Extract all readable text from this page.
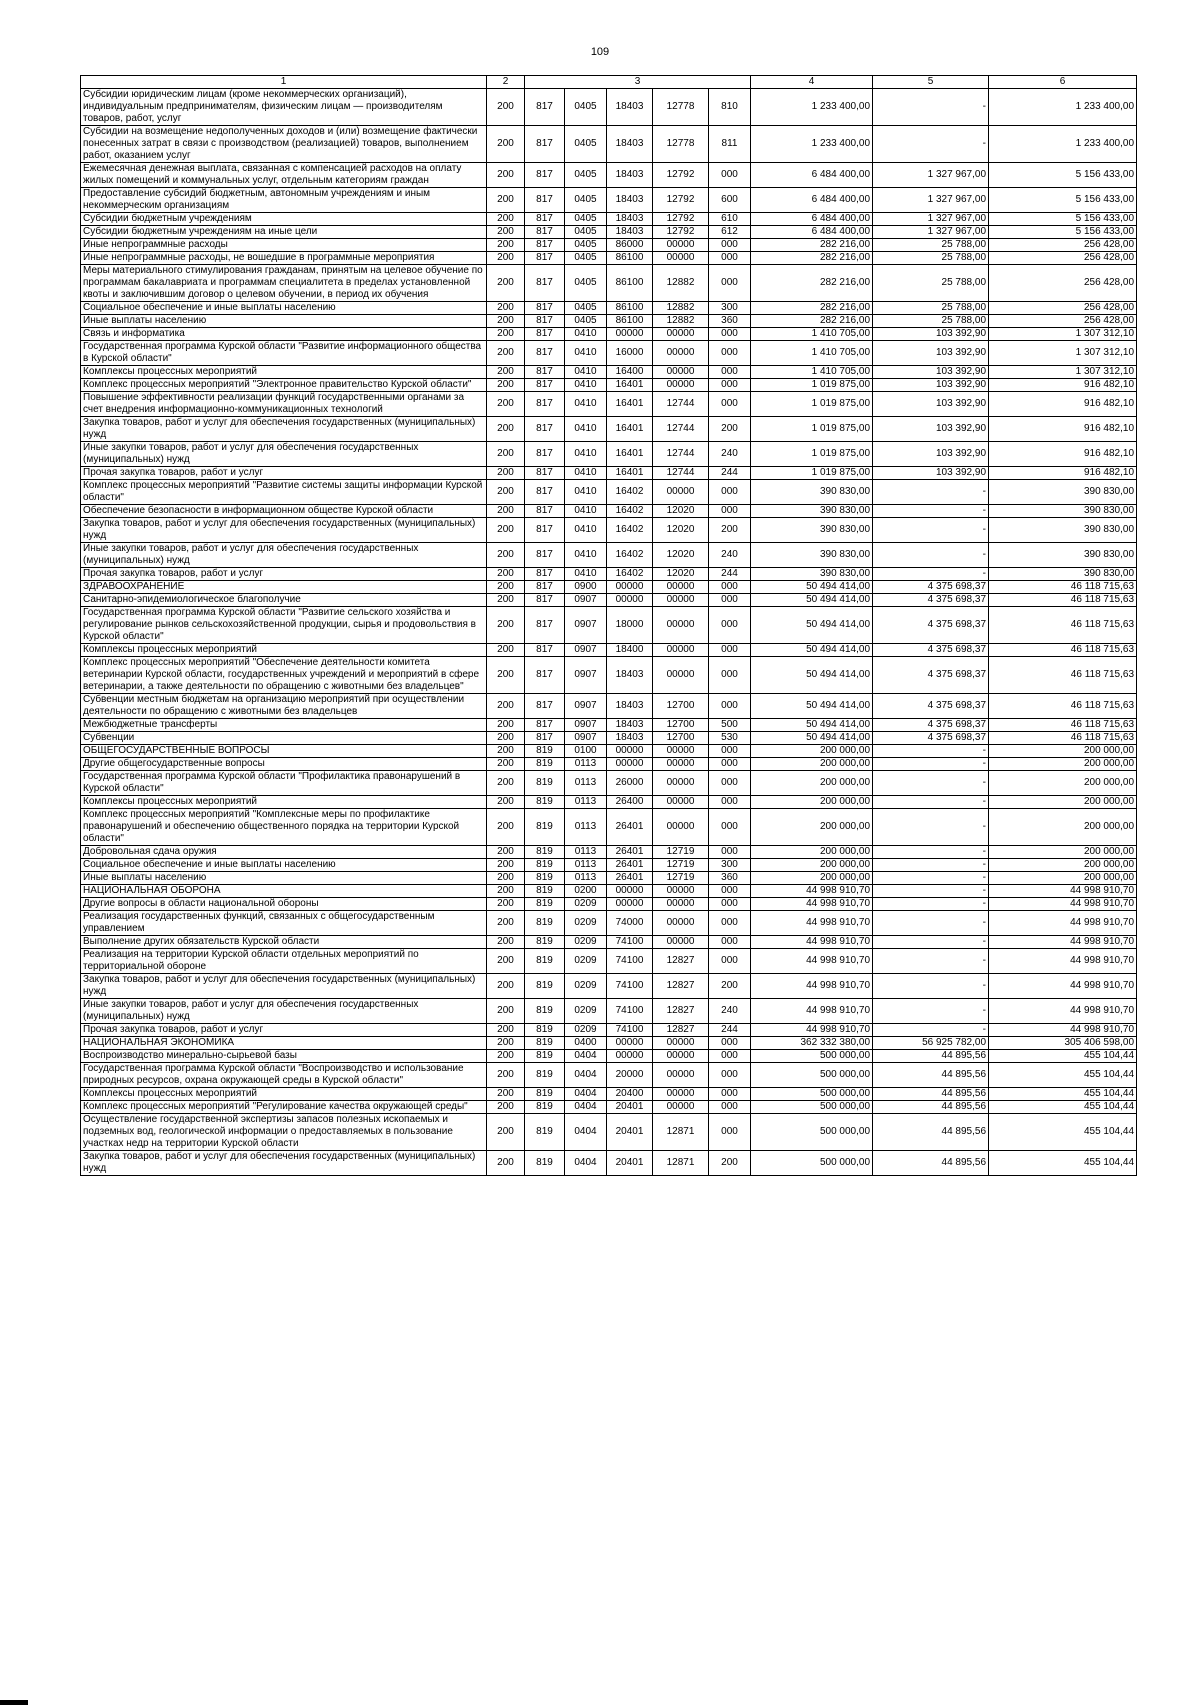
109
1	2	3					4	5	6
Субсидии юридическим лицам (кроме некоммерческих организаций), индивидуальным предпринимателям, физическим лицам — производителям товаров, работ, услуг	200	817	0405	18403	12778	810	1 233 400,00	-	1 233 400,00
Субсидии на возмещение недополученных доходов и (или) возмещение фактически понесенных затрат в связи с производством (реализацией) товаров, выполнением работ, оказанием услуг	200	817	0405	18403	12778	811	1 233 400,00	-	1 233 400,00
Ежемесячная денежная выплата, связанная с компенсацией расходов на оплату жилых помещений и коммунальных услуг, отдельным категориям граждан	200	817	0405	18403	12792	000	6 484 400,00	1 327 967,00	5 156 433,00
Предоставление субсидий бюджетным, автономным учреждениям и иным некоммерческим организациям	200	817	0405	18403	12792	600	6 484 400,00	1 327 967,00	5 156 433,00
Субсидии бюджетным учреждениям	200	817	0405	18403	12792	610	6 484 400,00	1 327 967,00	5 156 433,00
Субсидии бюджетным учреждениям на иные цели	200	817	0405	18403	12792	612	6 484 400,00	1 327 967,00	5 156 433,00
Иные непрограммные расходы	200	817	0405	86000	00000	000	282 216,00	25 788,00	256 428,00
Иные непрограммные расходы, не вошедшие в программные мероприятия	200	817	0405	86100	00000	000	282 216,00	25 788,00	256 428,00
Меры материального стимулирования гражданам, принятым на целевое обучение по программам бакалавриата и программам специалитета в пределах установленной квоты и заключившим договор о целевом обучении, в период их обучения	200	817	0405	86100	12882	000	282 216,00	25 788,00	256 428,00
Социальное обеспечение и иные выплаты населению	200	817	0405	86100	12882	300	282 216,00	25 788,00	256 428,00
Иные выплаты населению	200	817	0405	86100	12882	360	282 216,00	25 788,00	256 428,00
Связь и информатика	200	817	0410	00000	00000	000	1 410 705,00	103 392,90	1 307 312,10
Государственная программа Курской области "Развитие информационного общества в Курской области"	200	817	0410	16000	00000	000	1 410 705,00	103 392,90	1 307 312,10
Комплексы процессных мероприятий	200	817	0410	16400	00000	000	1 410 705,00	103 392,90	1 307 312,10
Комплекс процессных мероприятий "Электронное правительство Курской области"	200	817	0410	16401	00000	000	1 019 875,00	103 392,90	916 482,10
Повышение эффективности реализации функций государственными органами за счет внедрения информационно-коммуникационных технологий	200	817	0410	16401	12744	000	1 019 875,00	103 392,90	916 482,10
Закупка товаров, работ и услуг для обеспечения государственных (муниципальных) нужд	200	817	0410	16401	12744	200	1 019 875,00	103 392,90	916 482,10
Иные закупки товаров, работ и услуг для обеспечения государственных (муниципальных) нужд	200	817	0410	16401	12744	240	1 019 875,00	103 392,90	916 482,10
Прочая закупка товаров, работ и услуг	200	817	0410	16401	12744	244	1 019 875,00	103 392,90	916 482,10
Комплекс процессных мероприятий "Развитие системы защиты информации Курской области"	200	817	0410	16402	00000	000	390 830,00	-	390 830,00
Обеспечение безопасности в информационном обществе Курской области	200	817	0410	16402	12020	000	390 830,00	-	390 830,00
Закупка товаров, работ и услуг для обеспечения государственных (муниципальных) нужд	200	817	0410	16402	12020	200	390 830,00	-	390 830,00
Иные закупки товаров, работ и услуг для обеспечения государственных (муниципальных) нужд	200	817	0410	16402	12020	240	390 830,00	-	390 830,00
Прочая закупка товаров, работ и услуг	200	817	0410	16402	12020	244	390 830,00	-	390 830,00
ЗДРАВООХРАНЕНИЕ	200	817	0900	00000	00000	000	50 494 414,00	4 375 698,37	46 118 715,63
Санитарно-эпидемиологическое благополучие	200	817	0907	00000	00000	000	50 494 414,00	4 375 698,37	46 118 715,63
Государственная программа Курской области "Развитие сельского хозяйства и регулирование рынков сельскохозяйственной продукции, сырья и продовольствия в Курской области"	200	817	0907	18000	00000	000	50 494 414,00	4 375 698,37	46 118 715,63
Комплексы процессных мероприятий	200	817	0907	18400	00000	000	50 494 414,00	4 375 698,37	46 118 715,63
Комплекс процессных мероприятий "Обеспечение деятельности комитета ветеринарии Курской области, государственных учреждений и мероприятий в сфере ветеринарии, а также деятельности по обращению с животными без владельцев"	200	817	0907	18403	00000	000	50 494 414,00	4 375 698,37	46 118 715,63
Субвенции местным бюджетам на организацию мероприятий при осуществлении деятельности по обращению с животными без владельцев	200	817	0907	18403	12700	000	50 494 414,00	4 375 698,37	46 118 715,63
Межбюджетные трансферты	200	817	0907	18403	12700	500	50 494 414,00	4 375 698,37	46 118 715,63
Субвенции	200	817	0907	18403	12700	530	50 494 414,00	4 375 698,37	46 118 715,63
ОБЩЕГОСУДАРСТВЕННЫЕ ВОПРОСЫ	200	819	0100	00000	00000	000	200 000,00	-	200 000,00
Другие общегосударственные вопросы	200	819	0113	00000	00000	000	200 000,00	-	200 000,00
Государственная программа Курской области "Профилактика правонарушений в Курской области"	200	819	0113	26000	00000	000	200 000,00	-	200 000,00
Комплексы процессных мероприятий	200	819	0113	26400	00000	000	200 000,00	-	200 000,00
Комплекс процессных мероприятий "Комплексные меры по профилактике правонарушений и обеспечению общественного порядка на территории Курской области"	200	819	0113	26401	00000	000	200 000,00	-	200 000,00
Добровольная сдача оружия	200	819	0113	26401	12719	000	200 000,00	-	200 000,00
Социальное обеспечение и иные выплаты населению	200	819	0113	26401	12719	300	200 000,00	-	200 000,00
Иные выплаты населению	200	819	0113	26401	12719	360	200 000,00	-	200 000,00
НАЦИОНАЛЬНАЯ ОБОРОНА	200	819	0200	00000	00000	000	44 998 910,70	-	44 998 910,70
Другие вопросы в области национальной обороны	200	819	0209	00000	00000	000	44 998 910,70	-	44 998 910,70
Реализация государственных функций, связанных с общегосударственным управлением	200	819	0209	74000	00000	000	44 998 910,70	-	44 998 910,70
Выполнение других обязательств Курской области	200	819	0209	74100	00000	000	44 998 910,70	-	44 998 910,70
Реализация на территории Курской области отдельных мероприятий по территориальной обороне	200	819	0209	74100	12827	000	44 998 910,70	-	44 998 910,70
Закупка товаров, работ и услуг для обеспечения государственных (муниципальных) нужд	200	819	0209	74100	12827	200	44 998 910,70	-	44 998 910,70
Иные закупки товаров, работ и услуг для обеспечения государственных (муниципальных) нужд	200	819	0209	74100	12827	240	44 998 910,70	-	44 998 910,70
Прочая закупка товаров, работ и услуг	200	819	0209	74100	12827	244	44 998 910,70	-	44 998 910,70
НАЦИОНАЛЬНАЯ ЭКОНОМИКА	200	819	0400	00000	00000	000	362 332 380,00	56 925 782,00	305 406 598,00
Воспроизводство минерально-сырьевой базы	200	819	0404	00000	00000	000	500 000,00	44 895,56	455 104,44
Государственная программа Курской области "Воспроизводство и использование природных ресурсов, охрана окружающей среды в Курской области"	200	819	0404	20000	00000	000	500 000,00	44 895,56	455 104,44
Комплексы процессных мероприятий	200	819	0404	20400	00000	000	500 000,00	44 895,56	455 104,44
Комплекс процессных мероприятий "Регулирование качества окружающей среды"	200	819	0404	20401	00000	000	500 000,00	44 895,56	455 104,44
Осуществление государственной экспертизы запасов полезных ископаемых и подземных вод, геологической информации о предоставляемых в пользование участках недр на территории Курской области	200	819	0404	20401	12871	000	500 000,00	44 895,56	455 104,44
Закупка товаров, работ и услуг для обеспечения государственных (муниципальных) нужд	200	819	0404	20401	12871	200	500 000,00	44 895,56	455 104,44
